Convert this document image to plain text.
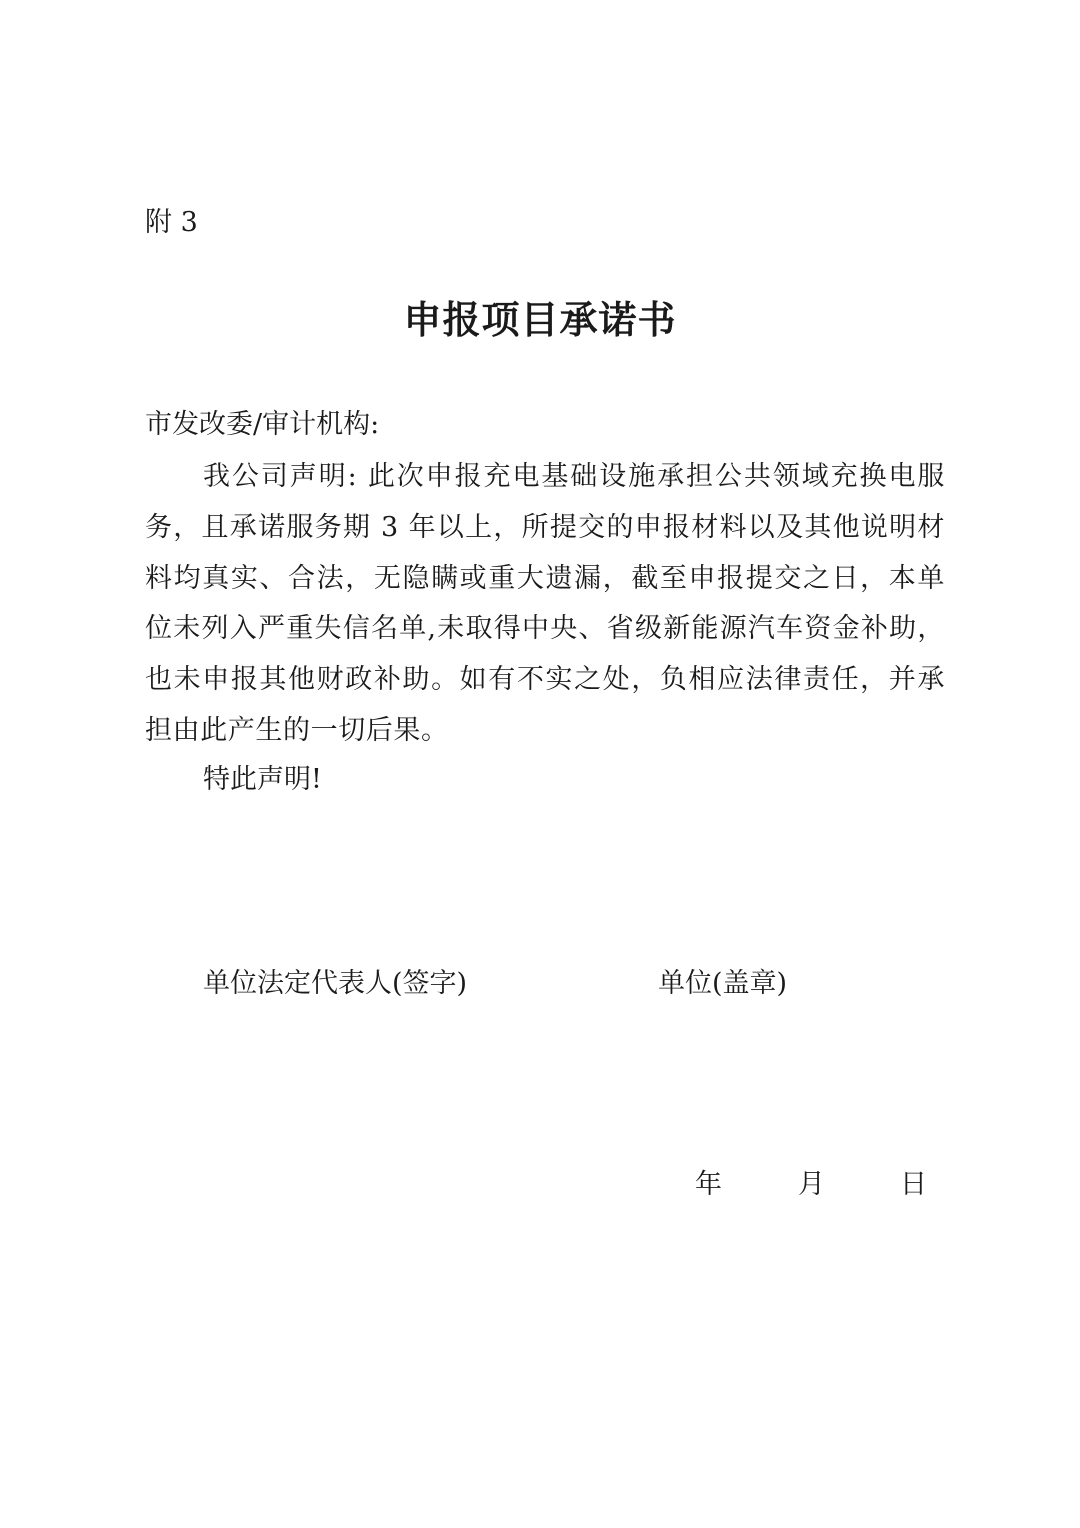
附 3
申报项目承诺书
市发改委/审计机构:

我公司声明: 此次申报充电基础设施承担公共领域充换电服务，且承诺服务期 3 年以上，所提交的申报材料以及其他说明材料均真实、合法，无隐瞒或重大遗漏，截至申报提交之日，本单位未列入严重失信名单,未取得中央、省级新能源汽车资金补助，也未申报其他财政补助。如有不实之处，负相应法律责任，并承担由此产生的一切后果。

特此声明!
单位法定代表人(签字)	单位(盖章)
年	月	日
